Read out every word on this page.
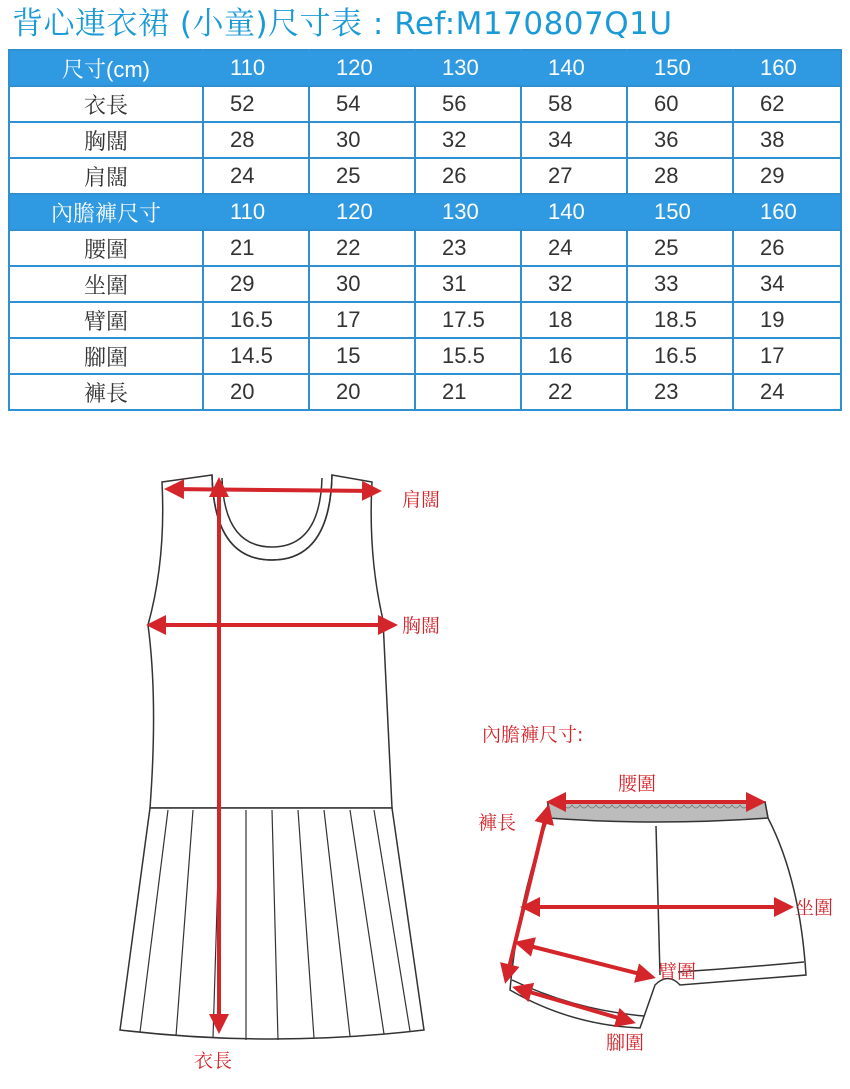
背心連衣裙 (小童)尺寸表 : Ref:M170807Q1U
尺寸(cm)	110	120	130	140	150	160
衣長	52	54	56	58	60	62
胸闊	28	30	32	34	36	38
肩闊	24	25	26	27	28	29
內膽褲尺寸	110	120	130	140	150	160
腰圍	21	22	23	24	25	26
坐圍	29	30	31	32	33	34
臂圍	16.5	17	17.5	18	18.5	19
腳圍	14.5	15	15.5	16	16.5	17
褲長	20	20	21	22	23	24
肩闊
胸闊
衣長
內膽褲尺寸:
腰圍
褲長
坐圍
臂圍
腳圍
